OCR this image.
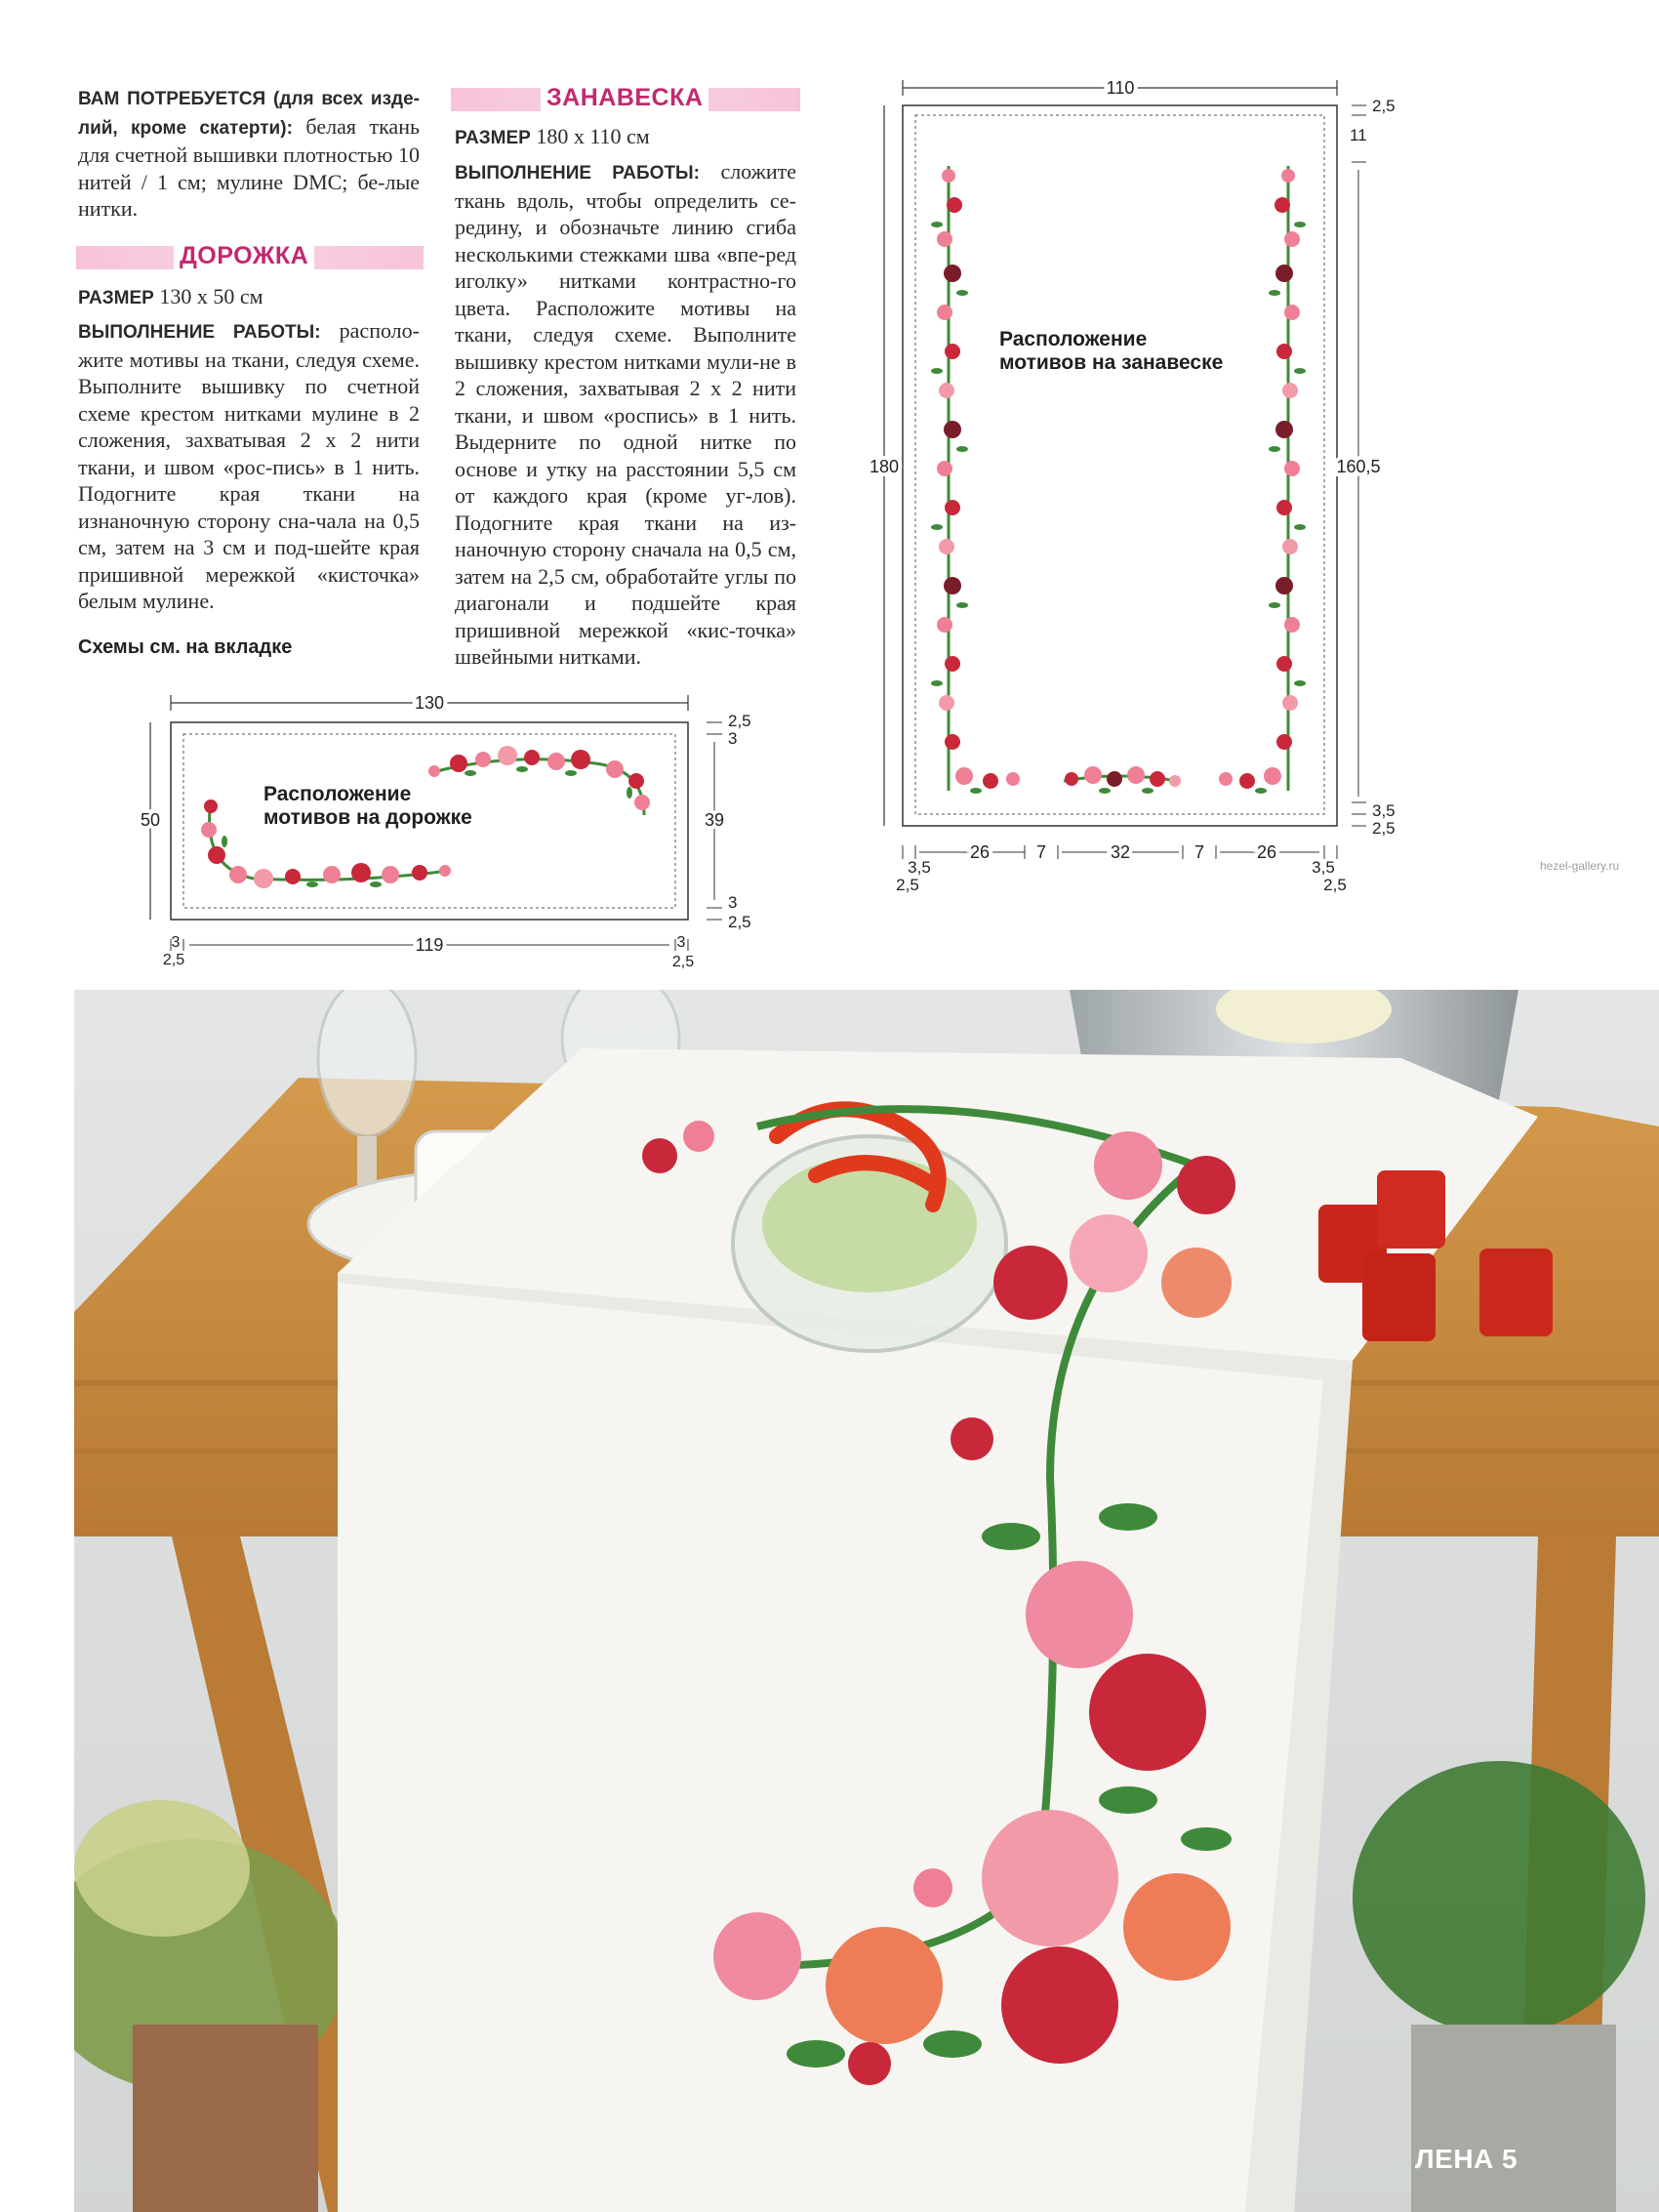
ВАМ ПОТРЕБУЕТСЯ (для всех изде-лий, кроме скатерти): белая ткань для счетной вышивки плотностью 10 нитей / 1 см; мулине DMC; бе-лые нитки.
ДОРОЖКА
РАЗМЕР 130 х 50 см
ВЫПОЛНЕНИЕ РАБОТЫ: располо-жите мотивы на ткани, следуя схеме. Выполните вышивку по счетной схеме крестом нитками мулине в 2 сложения, захватывая 2 х 2 нити ткани, и швом «рос-пись» в 1 нить. Подогните края ткани на изнаночную сторону сна-чала на 0,5 см, затем на 3 см и под-шейте края пришивной мережкой «кисточка» белым мулине.
Схемы см. на вкладке
ЗАНАВЕСКА
РАЗМЕР 180 х 110 см
ВЫПОЛНЕНИЕ РАБОТЫ: сложите ткань вдоль, чтобы определить се-редину, и обозначьте линию сгиба несколькими стежками шва «впе-ред иголку» нитками контрастно-го цвета. Расположите мотивы на ткани, следуя схеме. Выполните вышивку крестом нитками мули-не в 2 сложения, захватывая 2 х 2 нити ткани, и швом «роспись» в 1 нить. Выдерните по одной нитке по основе и утку на расстоянии 5,5 см от каждого края (кроме уг-лов). Подогните края ткани на из-наночную сторону сначала на 0,5 см, затем на 2,5 см, обработайте углы по диагонали и подшейте края пришивной мережкой «кис-точка» швейными нитками.
130
50	39
2,5
3
3
2,5
119
3
2,5
3
2,5
Расположение
мотивов на дорожке
110
180	160,5
2,5
11
3,5
2,5
26	7	32	7	26
3,5
2,5
3,5
2,5
Расположение
мотивов на занавеске
ЛЕНА 5
hezel-gallery.ru
